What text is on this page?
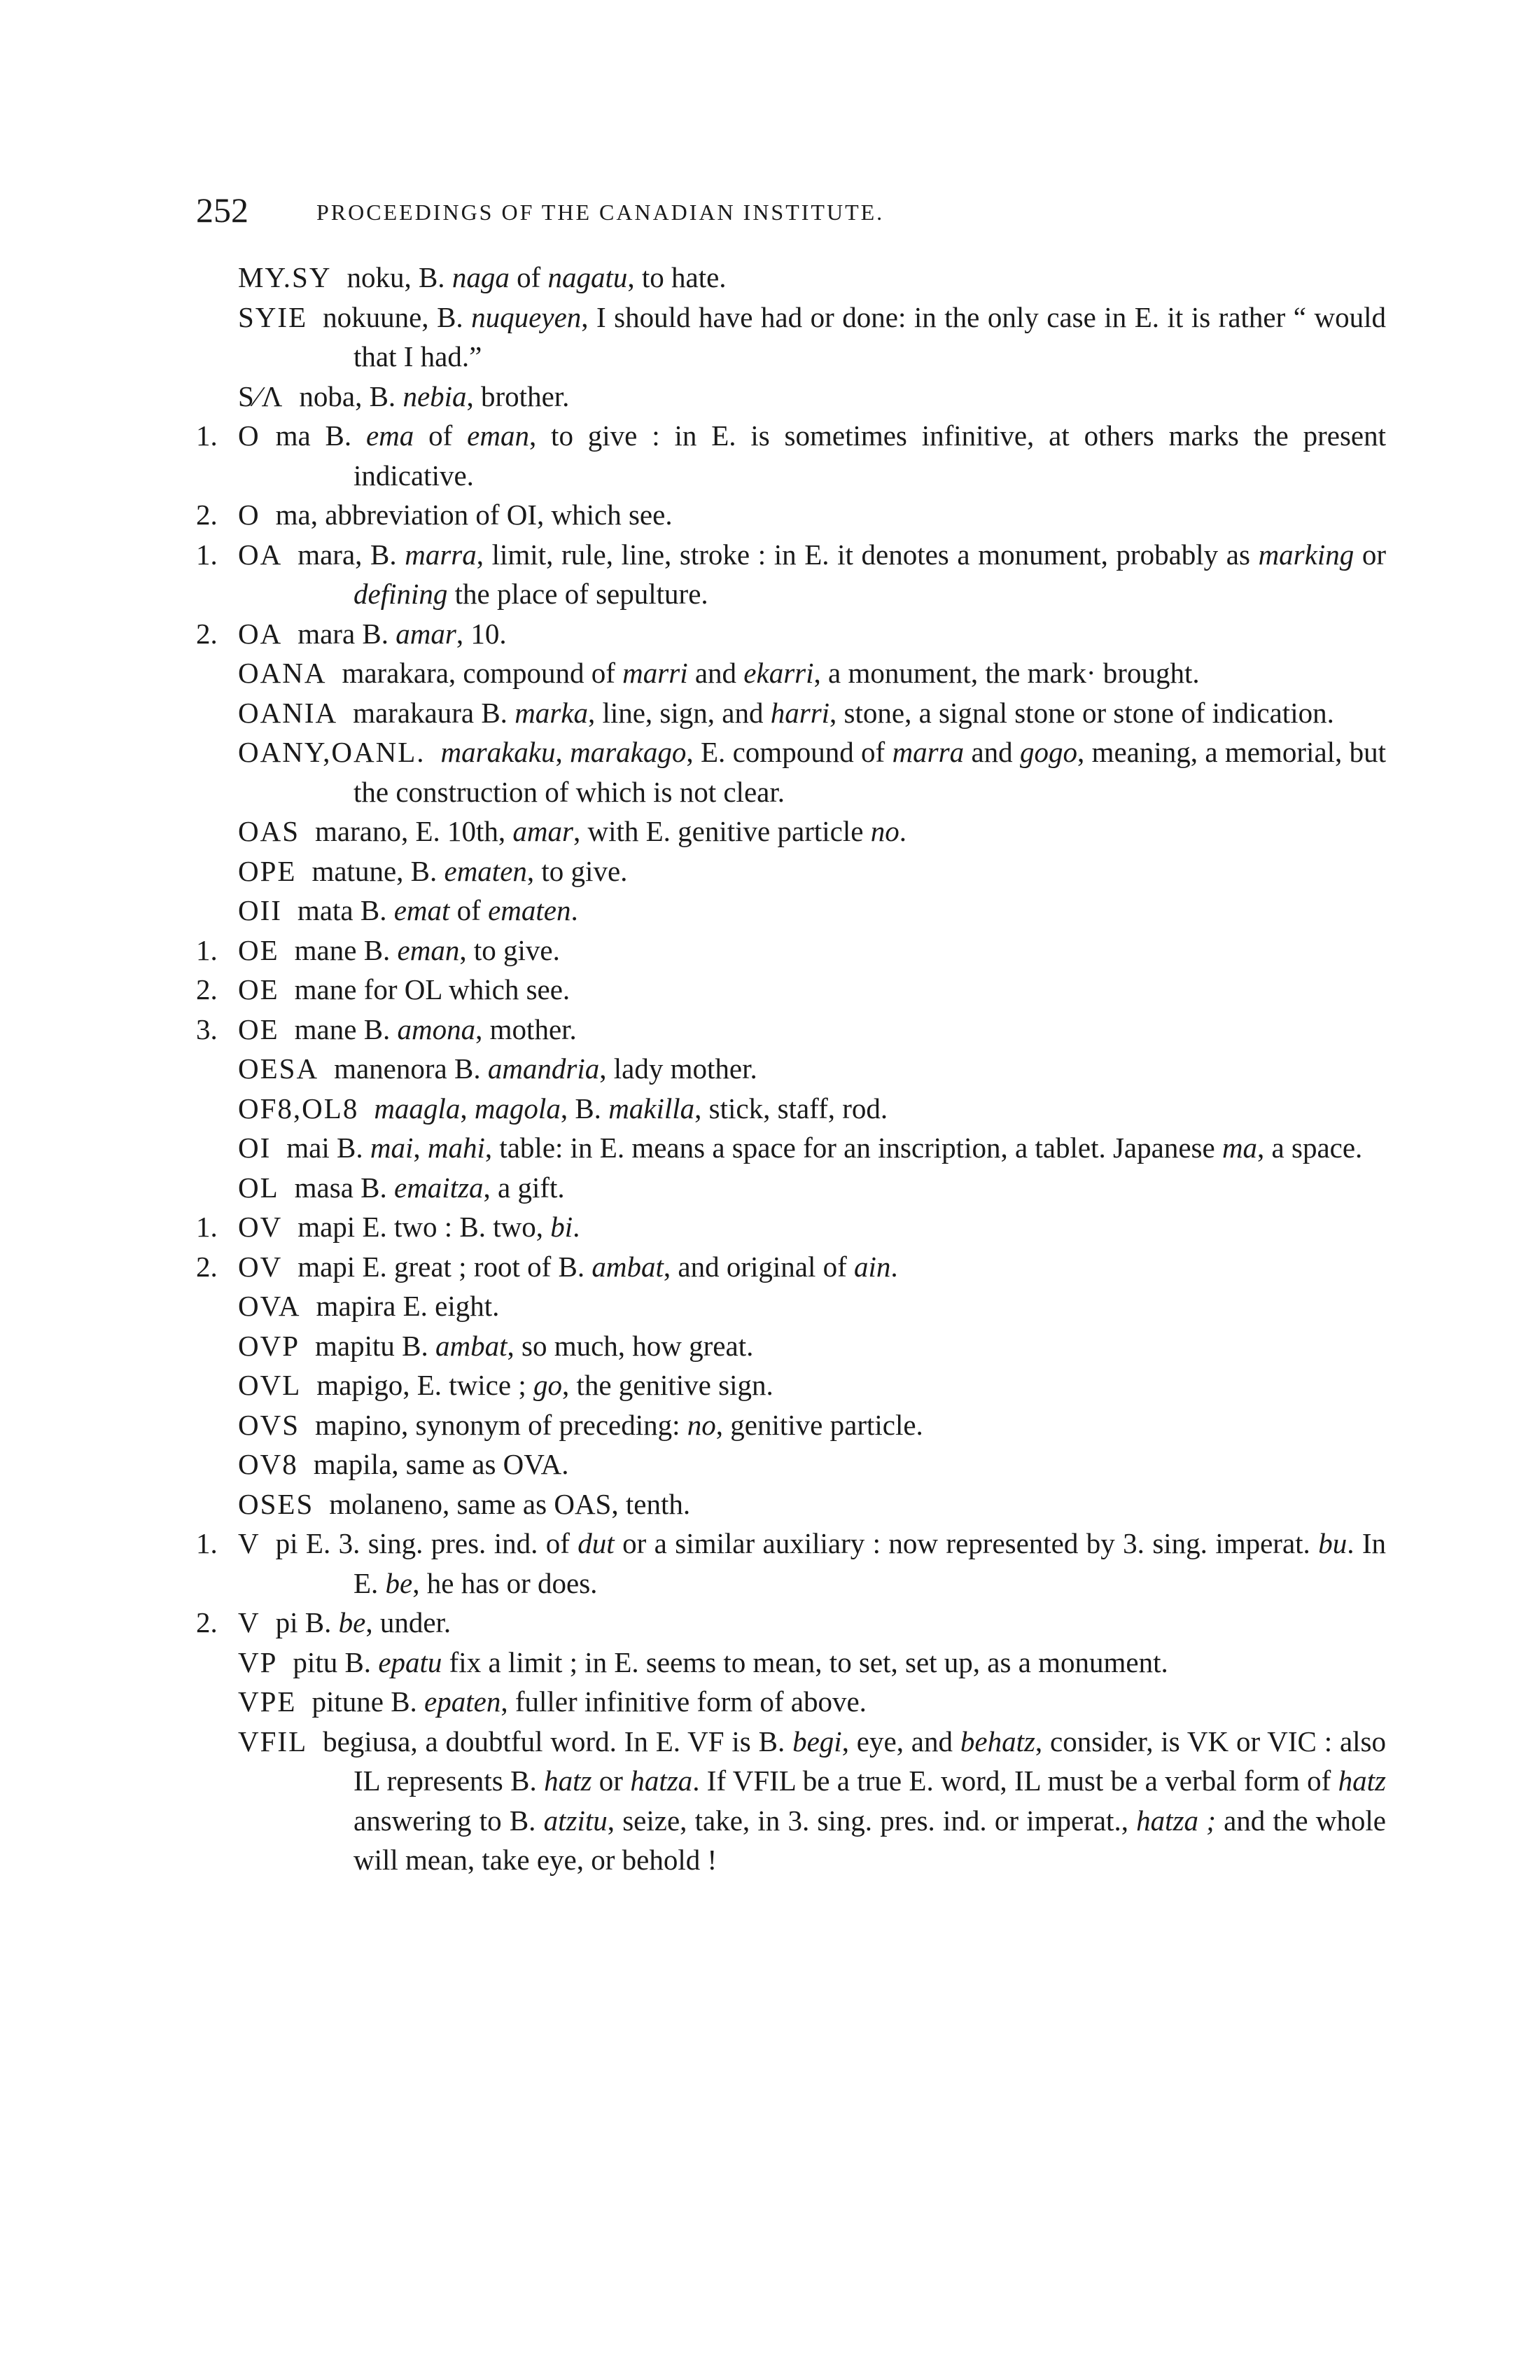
252	PROCEEDINGS OF THE CANADIAN INSTITUTE.
MY.SY noku, B. naga of nagatu, to hate.
SYIE nokuune, B. nuqueyen, I should have had or done: in the only case in E. it is rather “ would that I had.”
S∕Ʌ noba, B. nebia, brother.
1. O ma B. ema of eman, to give : in E. is sometimes infinitive, at others marks the present indicative.
2. O ma, abbreviation of OI, which see.
1. OA mara, B. marra, limit, rule, line, stroke : in E. it denotes a monument, probably as marking or defining the place of sepulture.
2. OA mara B. amar, 10.
OANA marakara, compound of marri and ekarri, a monument, the mark· brought.
OANIA marakaura B. marka, line, sign, and harri, stone, a signal stone or stone of indication.
OANY,OANL. marakaku, marakago, E. compound of marra and gogo, meaning, a memorial, but the construction of which is not clear.
OAS marano, E. 10th, amar, with E. genitive particle no.
OPE matune, B. ematen, to give.
OII mata B. emat of ematen.
1. OE mane B. eman, to give.
2. OE mane for OL which see.
3. OE mane B. amona, mother.
OESA manenora B. amandria, lady mother.
OF8,OL8 maagla, magola, B. makilla, stick, staff, rod.
OI mai B. mai, mahi, table: in E. means a space for an inscription, a tablet. Japanese ma, a space.
OL masa B. emaitza, a gift.
1. OV mapi E. two : B. two, bi.
2. OV mapi E. great ; root of B. ambat, and original of ain.
OVA mapira E. eight.
OVP mapitu B. ambat, so much, how great.
OVL mapigo, E. twice ; go, the genitive sign.
OVS mapino, synonym of preceding: no, genitive particle.
OV8 mapila, same as OVA.
OSES molaneno, same as OAS, tenth.
1. V pi E. 3. sing. pres. ind. of dut or a similar auxiliary : now represented by 3. sing. imperat. bu. In E. be, he has or does.
2. V pi B. be, under.
VP pitu B. epatu fix a limit ; in E. seems to mean, to set, set up, as a monument.
VPE pitune B. epaten, fuller infinitive form of above.
VFIL begiusa, a doubtful word. In E. VF is B. begi, eye, and behatz, consider, is VK or VIC : also IL represents B. hatz or hatza. If VFIL be a true E. word, IL must be a verbal form of hatz answering to B. atzitu, seize, take, in 3. sing. pres. ind. or imperat., hatza ; and the whole will mean, take eye, or behold !
